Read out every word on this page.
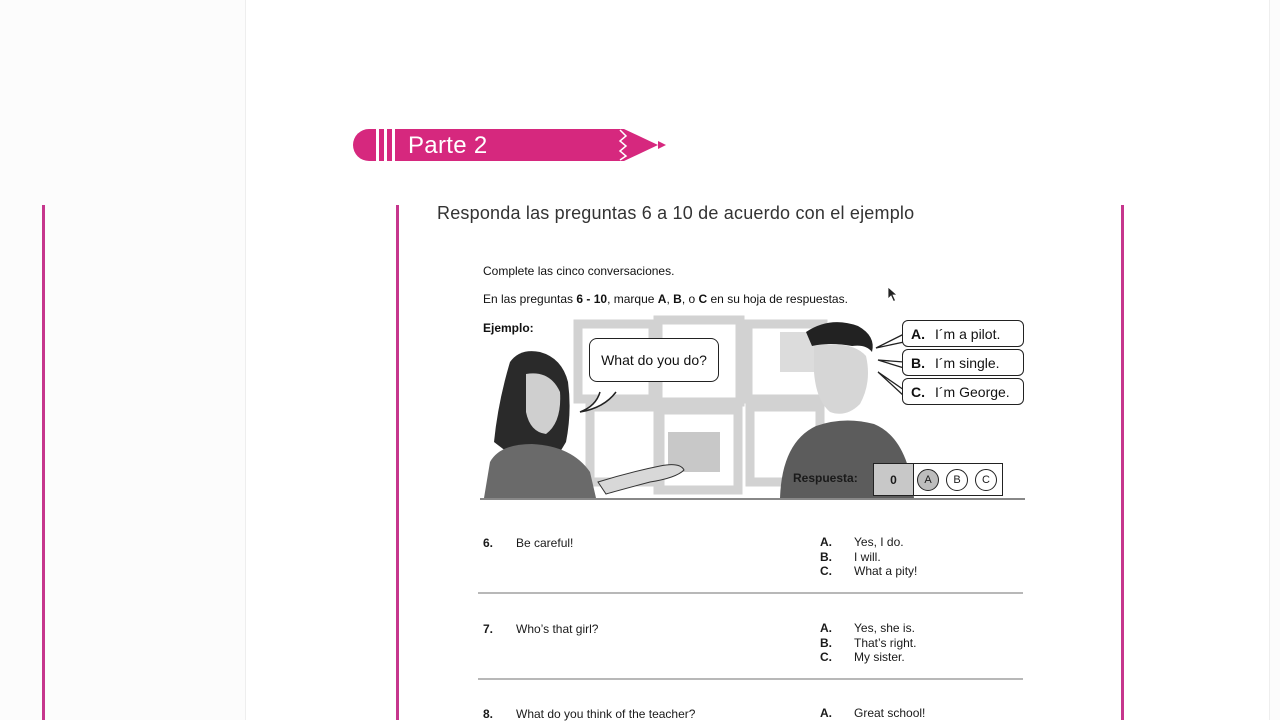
Parte 2
Responda las preguntas 6 a 10 de acuerdo con el ejemplo
Complete las cinco conversaciones.
En las preguntas 6 - 10, marque A, B, o C en su hoja de respuestas.
Ejemplo:
What do you do?
A. I´m a pilot.
B. I´m single.
C. I´m George.
Respuesta:	0	A	B	C
6. Be careful!	A.	Yes, I do.
B.	I will.
C.	What a pity!
7. Who’s that girl?	A.	Yes, she is.
B.	That’s right.
C.	My sister.
8. What do you think of the teacher?	A.	Great school!
